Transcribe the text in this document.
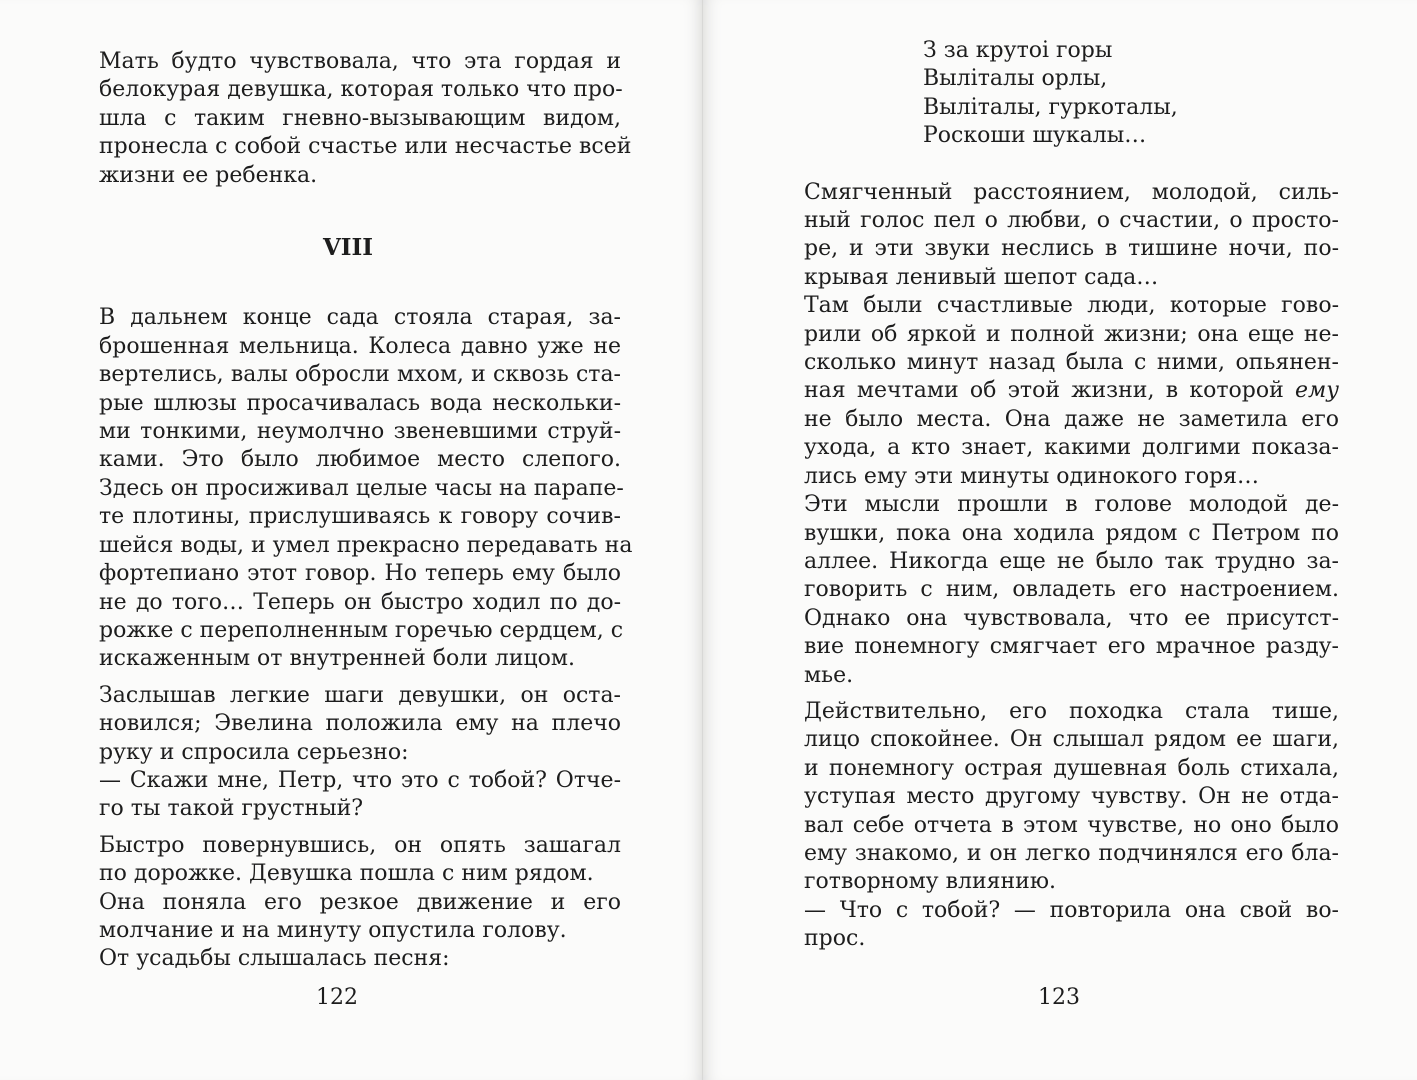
Мать будто чувствовала, что эта гордая и
белокурая девушка, которая только что про-
шла с таким гневно-вызывающим видом,
пронесла с собой счастье или несчастье всей
жизни ее ребенка.

VIII

В дальнем конце сада стояла старая, за-
брошенная мельница. Колеса давно уже не
вертелись, валы обросли мхом, и сквозь ста-
рые шлюзы просачивалась вода нескольки-
ми тонкими, неумолчно звеневшими струй-
ками. Это было любимое место слепого.
Здесь он просиживал целые часы на парапе-
те плотины, прислушиваясь к говору сочив-
шейся воды, и умел прекрасно передавать на
фортепиано этот говор. Но теперь ему было
не до того… Теперь он быстро ходил по до-
рожке с переполненным горечью сердцем, с
искаженным от внутренней боли лицом.

Заслышав легкие шаги девушки, он оста-
новился; Эвелина положила ему на плечо
руку и спросила серьезно:

— Скажи мне, Петр, что это с тобой? Отче-
го ты такой грустный?

Быстро повернувшись, он опять зашагал
по дорожке. Девушка пошла с ним рядом.

Она поняла его резкое движение и его
молчание и на минуту опустила голову.

От усадьбы слышалась песня:

122
З за крутоі горы
Выліталы орлы,
Выліталы, гуркоталы,
Роскоши шукалы…

Смягченный расстоянием, молодой, силь-
ный голос пел о любви, о счастии, о просто-
ре, и эти звуки неслись в тишине ночи, по-
крывая ленивый шепот сада…

Там были счастливые люди, которые гово-
рили об яркой и полной жизни; она еще не-
сколько минут назад была с ними, опьянен-
ная мечтами об этой жизни, в которой ему
не было места. Она даже не заметила его
ухода, а кто знает, какими долгими показа-
лись ему эти минуты одинокого горя…

Эти мысли прошли в голове молодой де-
вушки, пока она ходила рядом с Петром по
аллее. Никогда еще не было так трудно за-
говорить с ним, овладеть его настроением.
Однако она чувствовала, что ее присутст-
вие понемногу смягчает его мрачное разду-
мье.

Действительно, его походка стала тише,
лицо спокойнее. Он слышал рядом ее шаги,
и понемногу острая душевная боль стихала,
уступая место другому чувству. Он не отда-
вал себе отчета в этом чувстве, но оно было
ему знакомо, и он легко подчинялся его бла-
готворному влиянию.

— Что с тобой? — повторила она свой во-
прос.

123
